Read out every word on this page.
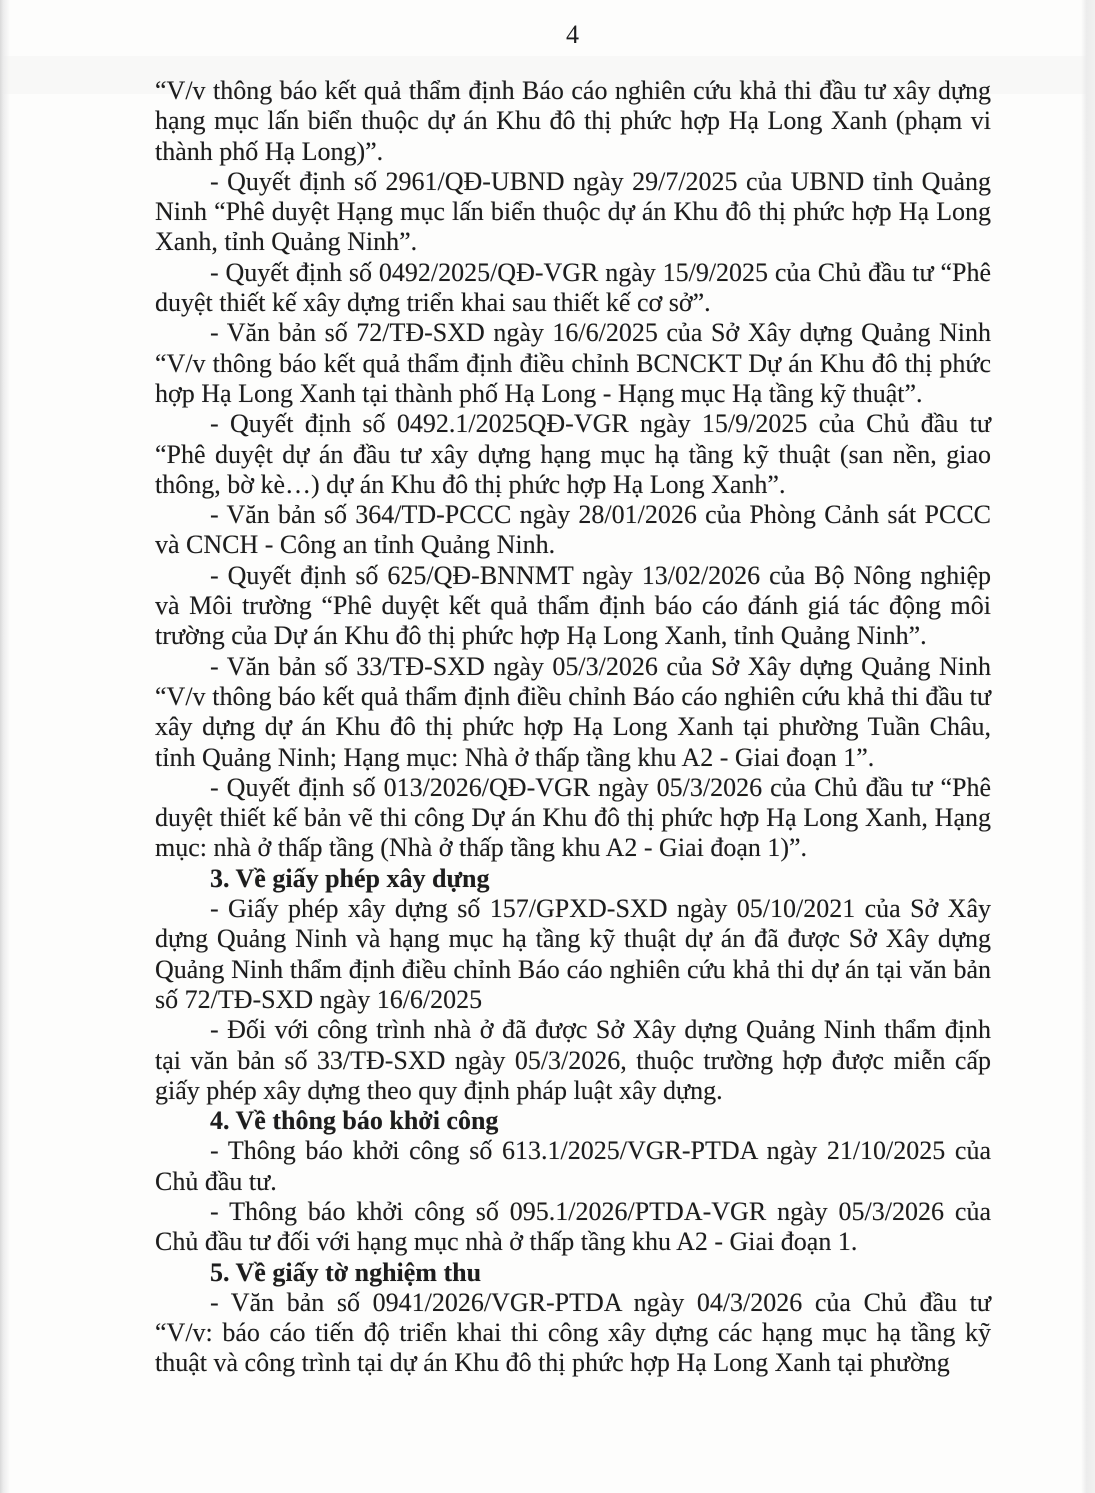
4

“V/v thông báo kết quả thẩm định Báo cáo nghiên cứu khả thi đầu tư xây dựng hạng mục lấn biển thuộc dự án Khu đô thị phức hợp Hạ Long Xanh (phạm vi thành phố Hạ Long)”.

- Quyết định số 2961/QĐ-UBND ngày 29/7/2025 của UBND tỉnh Quảng Ninh “Phê duyệt Hạng mục lấn biển thuộc dự án Khu đô thị phức hợp Hạ Long Xanh, tỉnh Quảng Ninh”.

- Quyết định số 0492/2025/QĐ-VGR ngày 15/9/2025 của Chủ đầu tư “Phê duyệt thiết kế xây dựng triển khai sau thiết kế cơ sở”.

- Văn bản số 72/TĐ-SXD ngày 16/6/2025 của Sở Xây dựng Quảng Ninh “V/v thông báo kết quả thẩm định điều chỉnh BCNCKT Dự án Khu đô thị phức hợp Hạ Long Xanh tại thành phố Hạ Long - Hạng mục Hạ tầng kỹ thuật”.

- Quyết định số 0492.1/2025QĐ-VGR ngày 15/9/2025 của Chủ đầu tư “Phê duyệt dự án đầu tư xây dựng hạng mục hạ tầng kỹ thuật (san nền, giao thông, bờ kè…) dự án Khu đô thị phức hợp Hạ Long Xanh”.

- Văn bản số 364/TD-PCCC ngày 28/01/2026 của Phòng Cảnh sát PCCC và CNCH - Công an tỉnh Quảng Ninh.

- Quyết định số 625/QĐ-BNNMT ngày 13/02/2026 của Bộ Nông nghiệp và Môi trường “Phê duyệt kết quả thẩm định báo cáo đánh giá tác động môi trường của Dự án Khu đô thị phức hợp Hạ Long Xanh, tỉnh Quảng Ninh”.

- Văn bản số 33/TĐ-SXD ngày 05/3/2026 của Sở Xây dựng Quảng Ninh “V/v thông báo kết quả thẩm định điều chỉnh Báo cáo nghiên cứu khả thi đầu tư xây dựng dự án Khu đô thị phức hợp Hạ Long Xanh tại phường Tuần Châu, tỉnh Quảng Ninh; Hạng mục: Nhà ở thấp tầng khu A2 - Giai đoạn 1”.

- Quyết định số 013/2026/QĐ-VGR ngày 05/3/2026 của Chủ đầu tư “Phê duyệt thiết kế bản vẽ thi công Dự án Khu đô thị phức hợp Hạ Long Xanh, Hạng mục: nhà ở thấp tầng (Nhà ở thấp tầng khu A2 - Giai đoạn 1)”.

3. Về giấy phép xây dựng

- Giấy phép xây dựng số 157/GPXD-SXD ngày 05/10/2021 của Sở Xây dựng Quảng Ninh và hạng mục hạ tầng kỹ thuật dự án đã được Sở Xây dựng Quảng Ninh thẩm định điều chỉnh Báo cáo nghiên cứu khả thi dự án tại văn bản số 72/TĐ-SXD ngày 16/6/2025

- Đối với công trình nhà ở đã được Sở Xây dựng Quảng Ninh thẩm định tại văn bản số 33/TĐ-SXD ngày 05/3/2026, thuộc trường hợp được miễn cấp giấy phép xây dựng theo quy định pháp luật xây dựng.

4. Về thông báo khởi công

- Thông báo khởi công số 613.1/2025/VGR-PTDA ngày 21/10/2025 của Chủ đầu tư.

- Thông báo khởi công số 095.1/2026/PTDA-VGR ngày 05/3/2026 của Chủ đầu tư đối với hạng mục nhà ở thấp tầng khu A2 - Giai đoạn 1.

5. Về giấy tờ nghiệm thu

- Văn bản số 0941/2026/VGR-PTDA ngày 04/3/2026 của Chủ đầu tư “V/v: báo cáo tiến độ triển khai thi công xây dựng các hạng mục hạ tầng kỹ thuật và công trình tại dự án Khu đô thị phức hợp Hạ Long Xanh tại phường
